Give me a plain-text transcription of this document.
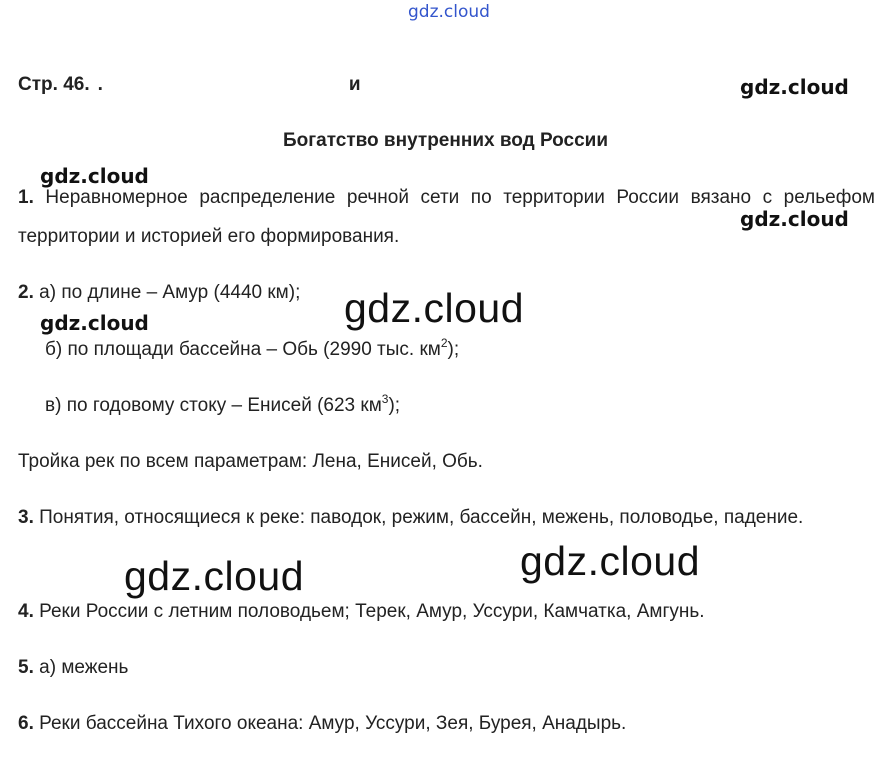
gdz.cloud
Стр. 46. .	и	gdz.cloud
Богатство внутренних вод России
gdz.cloud
1. Неравномерное распределение речной сети по территории России вязано с рельефом территории и историей его формирования.
gdz.cloud
2. а) по длине – Амур (4440 км); gdz.cloud
gdz.cloud
б) по площади бассейна – Обь (2990 тыс. $км^2$);
в) по годовому стоку – Енисей (623 $км^3$);
Тройка рек по всем параметрам: Лена, Енисей, Обь.
3. Понятия, относящиеся к реке: паводок, режим, бассейн, межень, половодье, падение.
gdz.cloud
gdz.cloud
4. Реки России с летним половодьем; Терек, Амур, Уссури, Камчатка, Амгунь.
5. а) межень
6. Реки бассейна Тихого океана: Амур, Уссури, Зея, Бурея, Анадырь.
